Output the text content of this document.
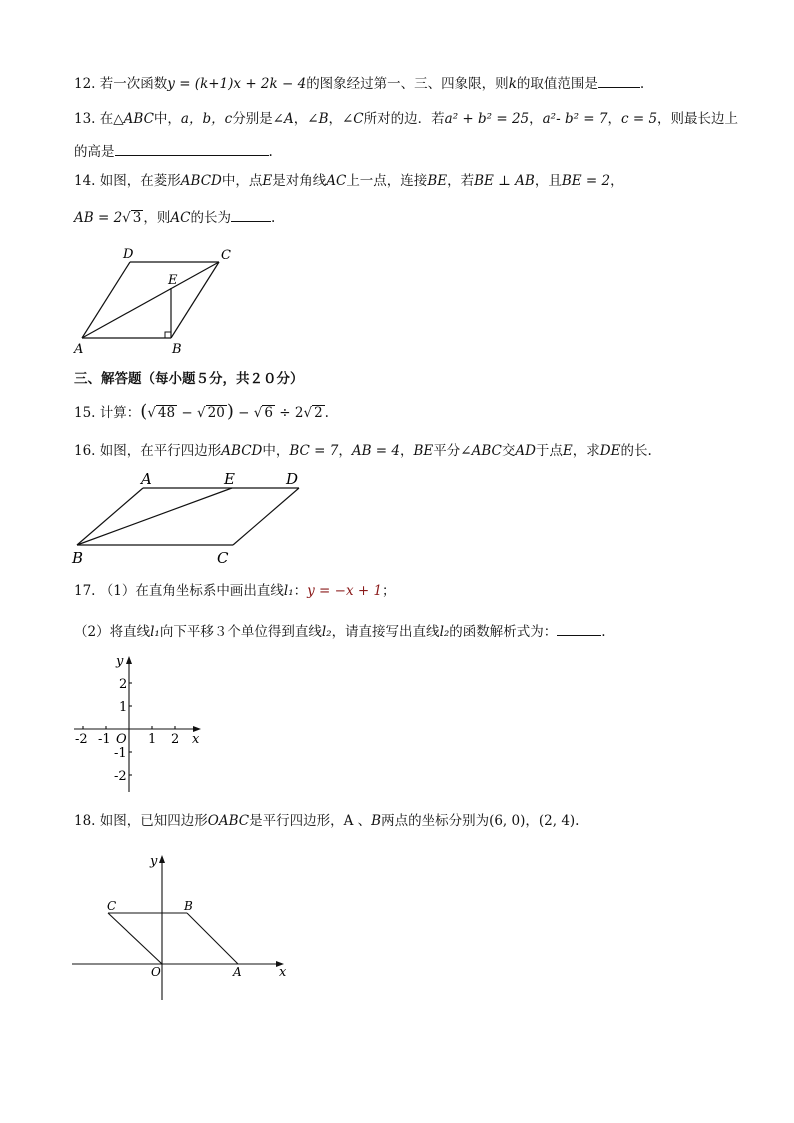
12. 若一次函数y = (k+1)x + 2k − 4的图象经过第一、三、四象限，则k的取值范围是	.
13. 在△ABC中，a，b，c分别是∠A，∠B，∠C所对的边．若a² + b² = 25，a²- b² = 7，c = 5，则最长边上
的高是	.
14. 如图，在菱形ABCD中，点E是对角线AC上一点，连接BE，若BE ⊥ AB，且BE = 2，
AB = 2√ 3 ，则AC的长为	.
D	C
E
A	B
三、解答题（每小题５分，共２０分）
15. 计算：(√ 48 − √ 20 ) − √ 6 ÷ 2√ 2 .
16. 如图，在平行四边形ABCD中，BC = 7，AB = 4，BE平分∠ABC交AD于点E，求DE的长.
A	E	D
B	C
17. （1）在直角坐标系中画出直线l₁：y = −x + 1；
（2）将直线l₁向下平移３个单位得到直线l₂，请直接写出直线l₂的函数解析式为：	.
y
x
O
2
1
-1
-2
-2 -1	1 2
18. 如图，已知四边形OABC是平行四边形，A 、B两点的坐标分别为(6, 0)，(2, 4).
y
x
C	B
O	A
